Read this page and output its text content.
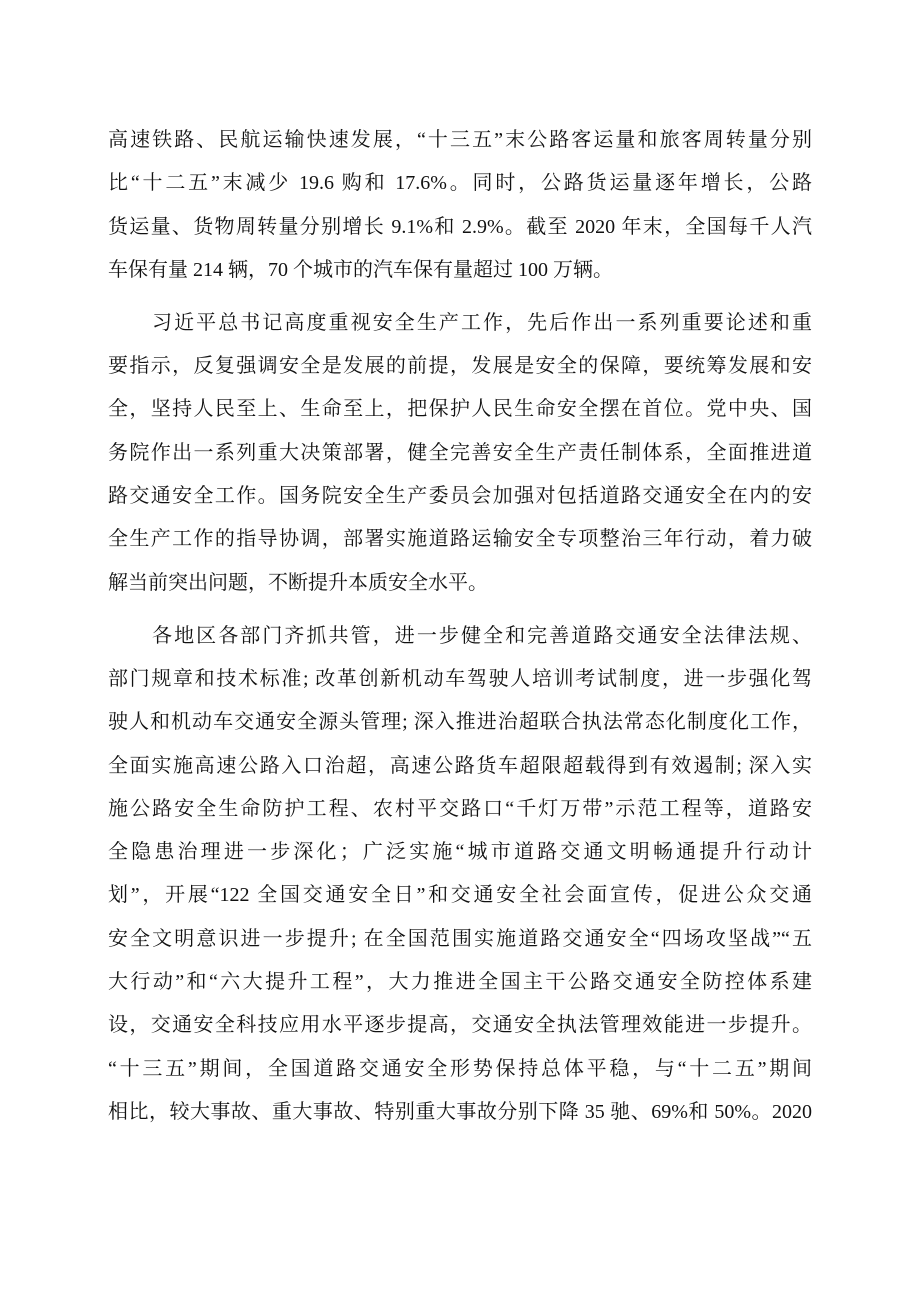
高速铁路、民航运输快速发展，“十三五”末公路客运量和旅客周转量分别
比“十二五”末减少 19.6 购和 17.6%。同时，公路货运量逐年增长，公路
货运量、货物周转量分别增长 9.1%和 2.9%。截至 2020 年末，全国每千人汽
车保有量 214 辆，70 个城市的汽车保有量超过 100 万辆。
习近平总书记高度重视安全生产工作，先后作出一系列重要论述和重
要指示，反复强调安全是发展的前提，发展是安全的保障，要统筹发展和安
全，坚持人民至上、生命至上，把保护人民生命安全摆在首位。党中央、国
务院作出一系列重大决策部署，健全完善安全生产责任制体系，全面推进道
路交通安全工作。国务院安全生产委员会加强对包括道路交通安全在内的安
全生产工作的指导协调，部署实施道路运输安全专项整治三年行动，着力破
解当前突出问题，不断提升本质安全水平。
各地区各部门齐抓共管，进一步健全和完善道路交通安全法律法规、
部门规章和技术标准; 改革创新机动车驾驶人培训考试制度，进一步强化驾
驶人和机动车交通安全源头管理; 深入推进治超联合执法常态化制度化工作，
全面实施高速公路入口治超，高速公路货车超限超载得到有效遏制; 深入实
施公路安全生命防护工程、农村平交路口“千灯万带”示范工程等，道路安
全隐患治理进一步深化；广泛实施“城市道路交通文明畅通提升行动计
划”，开展“122 全国交通安全日”和交通安全社会面宣传，促进公众交通
安全文明意识进一步提升; 在全国范围实施道路交通安全“四场攻坚战”“五
大行动”和“六大提升工程”，大力推进全国主干公路交通安全防控体系建
设，交通安全科技应用水平逐步提高，交通安全执法管理效能进一步提升。
“十三五”期间，全国道路交通安全形势保持总体平稳，与“十二五”期间
相比，较大事故、重大事故、特别重大事故分别下降 35 驰、69%和 50%。2020
